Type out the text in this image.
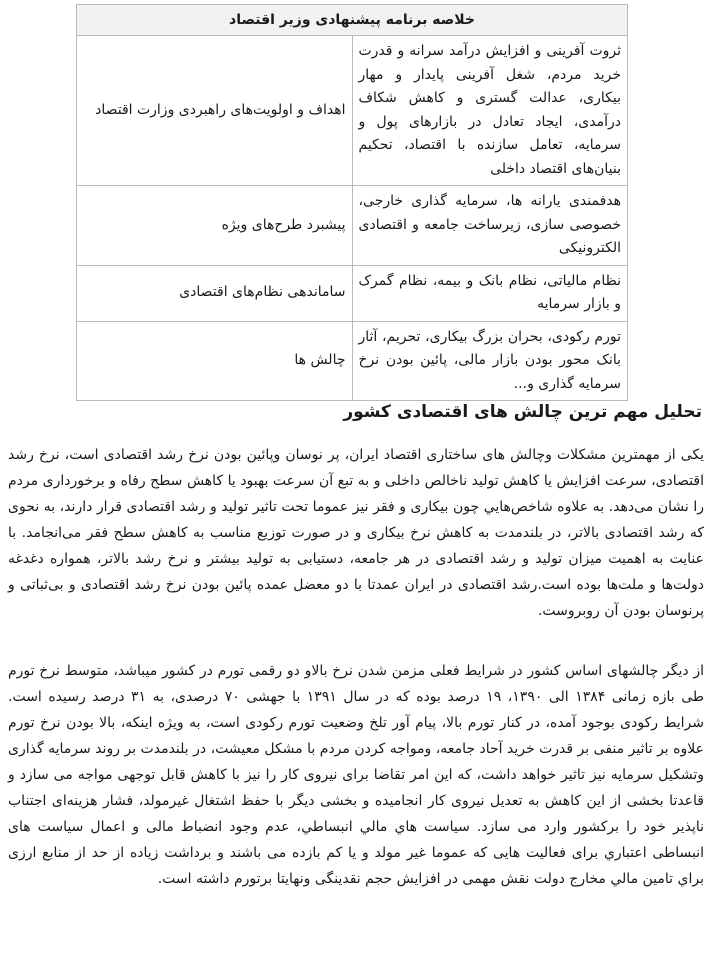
خلاصه برنامه پیشنهادی وزیر اقتصاد	
ثروت آفرینی و افزایش درآمد سرانه و قدرت خرید مردم، شغل آفرینی پایدار و مهار بیکاری، عدالت گستری و کاهش شکاف درآمدی، ایجاد تعادل در بازارهای پول و سرمایه، تعامل سازنده با اقتصاد، تحکیم بنیان‌های اقتصاد داخلی	اهداف و اولویت‌های راهبردی وزارت اقتصاد
هدفمندی یارانه ها، سرمایه گذاری خارجی، خصوصی سازی، زیرساخت جامعه و اقتصادی الکترونیکی	پیشبرد طرح‌های ویژه
نظام مالیاتی، نظام بانک و بیمه، نظام گمرک و بازار سرمایه	ساماندهی نظام‌های اقتصادی
تورم رکودی، بحران بزرگ بیکاری، تحریم، آثار بانک محور بودن بازار مالی، پائین بودن نرخ سرمایه گذاری و...	چالش ها
تحلیل مهم ترین چالش های اقتصادی کشور

یکی از مهمترین مشکلات وچالش های ساختاری اقتصاد ایران، پر نوسان وپائین بودن نرخ رشد اقتصادی است، نرخ رشد اقتصادی، سرعت افزایش یا کاهش تولید ناخالص داخلی و به تبع آن سرعت بهبود یا کاهش سطح رفاه و برخورداری مردم را نشان می‌دهد. به علاوه شاخص‌هایي چون بیکاری و فقر نیز عموما تحت تاثیر تولید و رشد اقتصادی قرار دارند، به نحوی که رشد اقتصادی بالاتر، در بلندمدت به کاهش نرخ بیکاری و در صورت توزیع مناسب به کاهش سطح فقر می‌انجامد. با عنایت به اهمیت میزان تولید و رشد اقتصادی در هر جامعه، دستیابی به تولید بیشتر و نرخ رشد بالاتر، همواره دغدغه دولت‌ها و ملت‌ها بوده است.رشد اقتصادی در ایران عمدتا با دو معضل عمده پائین بودن نرخ رشد اقتصادی و بی‌ثباتی و پرنوسان بودن آن روبروست.

از دیگر چالشهای اساس کشور در شرایط فعلی مزمن شدن نرخ بالاو دو رقمی تورم در کشور میباشد، متوسط نرخ تورم طی بازه زمانی ۱۳۸۴ الی ۱۳۹۰، ۱۹ درصد بوده که در سال ۱۳۹۱ با جهشی ۷۰ درصدی، به ۳۱ درصد رسیده است. شرایط رکودی بوجود آمده، در کنار تورم بالا، پیام آور تلخ وضعیت تورم رکودی است، به ویژه اینکه، بالا بودن نرخ تورم علاوه بر تاثیر منفی بر قدرت خرید آحاد جامعه، ومواجه کردن مردم با مشکل معیشت، در بلندمدت بر روند سرمایه گذاری وتشکیل سرمایه نیز تاثیر خواهد داشت، که این امر تقاضا برای نیروی کار را نیز با کاهش قابل توجهی مواجه می سازد و قاعدتا بخشی از این کاهش به تعدیل نیروی کار انجامیده و بخشی دیگر با حفظ اشتغال غیرمولد، فشار هزینه‌ای اجتناب ناپذیر خود را برکشور وارد می سازد. سیاست هاي مالي انبساطي، عدم وجود انضباط مالی و اعمال سیاست های انبساطی اعتباري برای فعالیت هایی که عموما غیر مولد و یا کم بازده می باشند و برداشت زیاده از حد از منابع ارزی براي تامين مالي مخارج دولت نقش مهمی در افزایش حجم نقدینگی ونهایتا برتورم داشته است.
